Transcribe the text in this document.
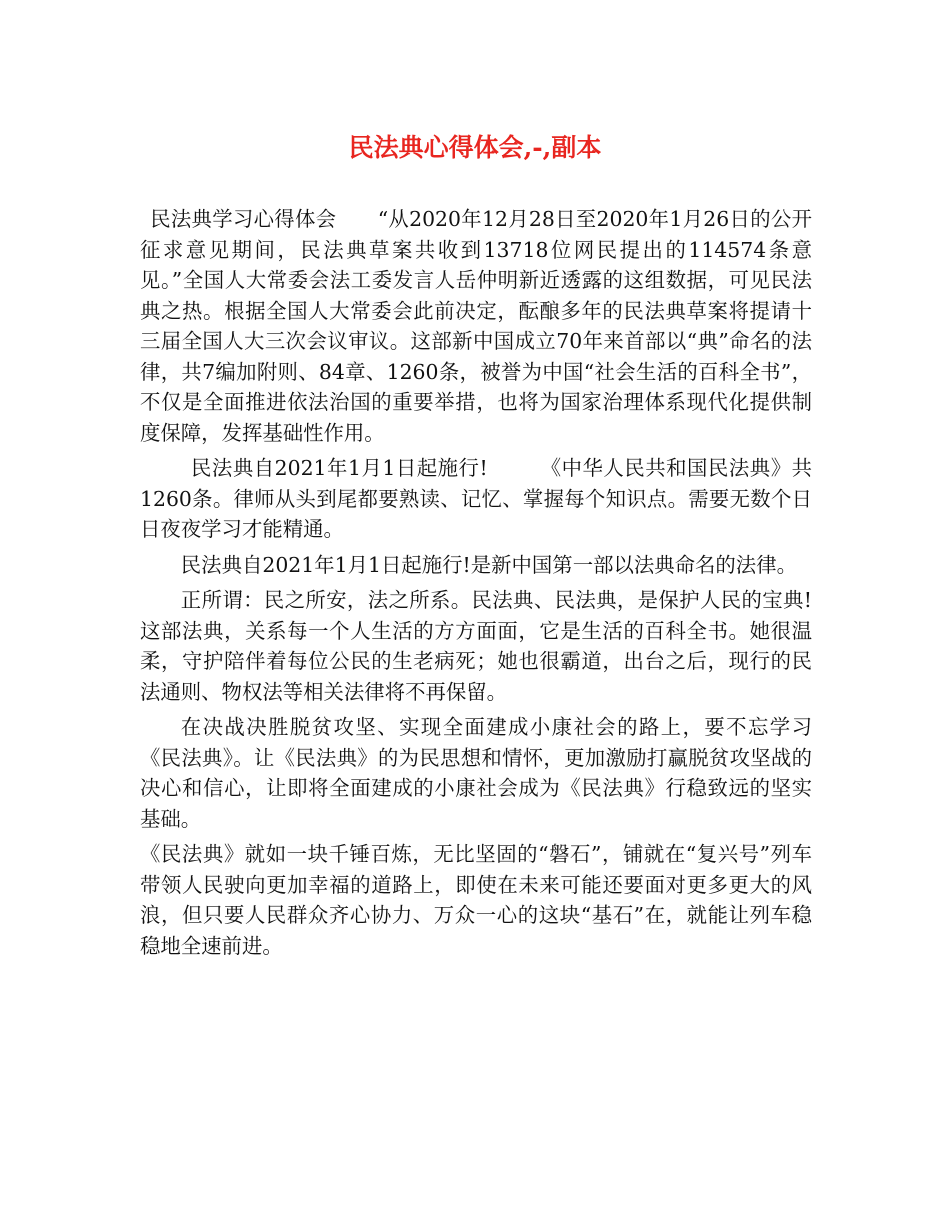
民法典心得体会,-,副本

民法典学习心得体会　　“从2020年12月28日至2020年1月26日的公开征求意见期间，民法典草案共收到13718位网民提出的114574条意见。”全国人大常委会法工委发言人岳仲明新近透露的这组数据，可见民法典之热。根据全国人大常委会此前决定，酝酿多年的民法典草案将提请十三届全国人大三次会议审议。这部新中国成立70年来首部以“典”命名的法律，共7编加附则、84章、1260条，被誉为中国“社会生活的百科全书”，不仅是全面推进依法治国的重要举措，也将为国家治理体系现代化提供制度保障，发挥基础性作用。

民法典自2021年1月1日起施行!　　　《中华人民共和国民法典》共1260条。律师从头到尾都要熟读、记忆、掌握每个知识点。需要无数个日日夜夜学习才能精通。

民法典自2021年1月1日起施行!是新中国第一部以法典命名的法律。

正所谓：民之所安，法之所系。民法典、民法典，是保护人民的宝典!　　这部法典，关系每一个人生活的方方面面，它是生活的百科全书。她很温柔，守护陪伴着每位公民的生老病死；她也很霸道，出台之后，现行的民法通则、物权法等相关法律将不再保留。

在决战决胜脱贫攻坚、实现全面建成小康社会的路上，要不忘学习《民法典》。让《民法典》的为民思想和情怀，更加激励打赢脱贫攻坚战的决心和信心，让即将全面建成的小康社会成为《民法典》行稳致远的坚实基础。

《民法典》就如一块千锤百炼，无比坚固的“磐石”，铺就在“复兴号”列车带领人民驶向更加幸福的道路上，即使在未来可能还要面对更多更大的风浪，但只要人民群众齐心协力、万众一心的这块“基石”在，就能让列车稳稳地全速前进。
